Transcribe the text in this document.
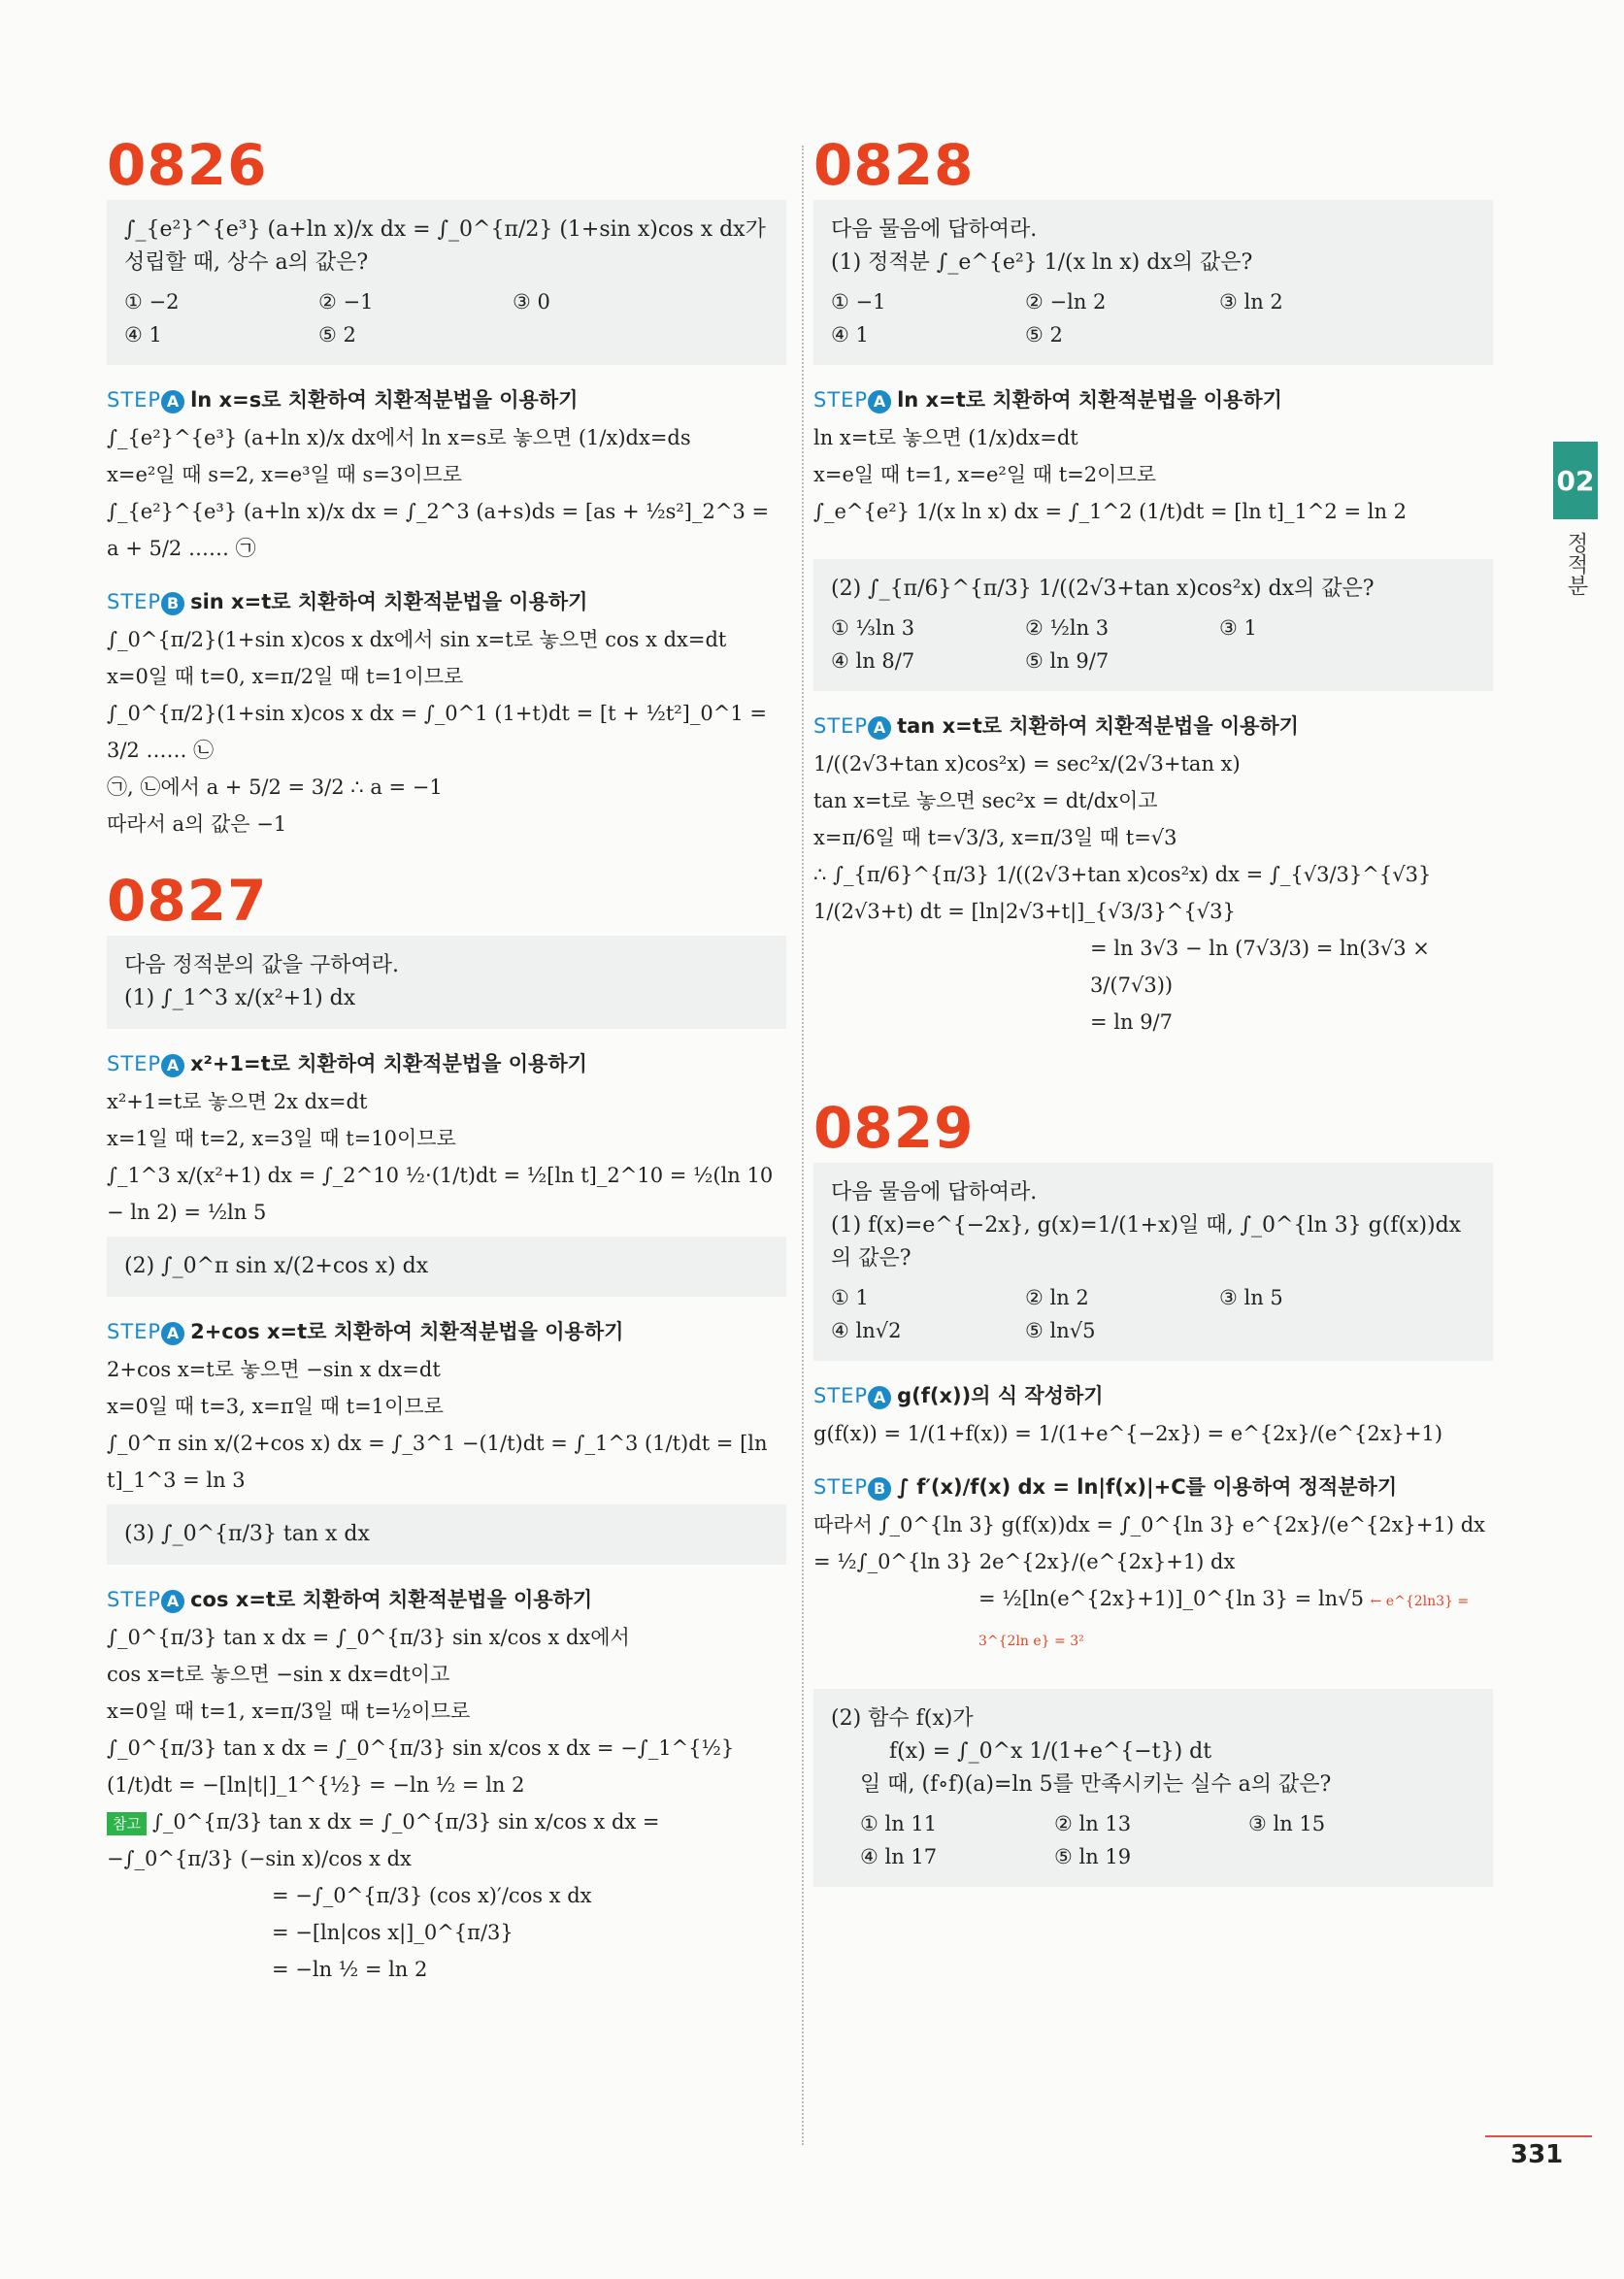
0826

∫_{e²}^{e³} (a+ln x)/x dx = ∫_0^{π/2} (1+sin x)cos x dx가 성립할 때, 상수 a의 값은?

① −2	② −1	③ 0
④ 1	⑤ 2
STEP A ln x=s로 치환하여 치환적분법을 이용하기

∫_{e²}^{e³} (a+ln x)/x dx에서 ln x=s로 놓으면 (1/x)dx=ds

x=e²일 때 s=2, x=e³일 때 s=3이므로

∫_{e²}^{e³} (a+ln x)/x dx = ∫_2^3 (a+s)ds = [as + ½s²]_2^3 = a + 5/2 …… ㉠

STEP B sin x=t로 치환하여 치환적분법을 이용하기

∫_0^{π/2}(1+sin x)cos x dx에서 sin x=t로 놓으면 cos x dx=dt

x=0일 때 t=0, x=π/2일 때 t=1이므로

∫_0^{π/2}(1+sin x)cos x dx = ∫_0^1 (1+t)dt = [t + ½t²]_0^1 = 3/2 …… ㉡

㉠, ㉡에서 a + 5/2 = 3/2 ∴ a = −1

따라서 a의 값은 −1

0827

다음 정적분의 값을 구하여라.

(1) ∫_1^3 x/(x²+1) dx

STEP A x²+1=t로 치환하여 치환적분법을 이용하기

x²+1=t로 놓으면 2x dx=dt

x=1일 때 t=2, x=3일 때 t=10이므로

∫_1^3 x/(x²+1) dx = ∫_2^10 ½·(1/t)dt = ½[ln t]_2^10 = ½(ln 10 − ln 2) = ½ln 5

(2) ∫_0^π sin x/(2+cos x) dx

STEP A 2+cos x=t로 치환하여 치환적분법을 이용하기

2+cos x=t로 놓으면 −sin x dx=dt

x=0일 때 t=3, x=π일 때 t=1이므로

∫_0^π sin x/(2+cos x) dx = ∫_3^1 −(1/t)dt = ∫_1^3 (1/t)dt = [ln t]_1^3 = ln 3

(3) ∫_0^{π/3} tan x dx

STEP A cos x=t로 치환하여 치환적분법을 이용하기

∫_0^{π/3} tan x dx = ∫_0^{π/3} sin x/cos x dx에서

cos x=t로 놓으면 −sin x dx=dt이고

x=0일 때 t=1, x=π/3일 때 t=½이므로

∫_0^{π/3} tan x dx = ∫_0^{π/3} sin x/cos x dx = −∫_1^{½}(1/t)dt = −[ln|t|]_1^{½} = −ln ½ = ln 2

참고 ∫_0^{π/3} tan x dx = ∫_0^{π/3} sin x/cos x dx = −∫_0^{π/3} (−sin x)/cos x dx

= −∫_0^{π/3} (cos x)′/cos x dx

= −[ln|cos x|]_0^{π/3}

= −ln ½ = ln 2

0828

다음 물음에 답하여라.

(1) 정적분 ∫_e^{e²} 1/(x ln x) dx의 값은?

① −1	② −ln 2	③ ln 2
④ 1	⑤ 2
STEP A ln x=t로 치환하여 치환적분법을 이용하기

ln x=t로 놓으면 (1/x)dx=dt

x=e일 때 t=1, x=e²일 때 t=2이므로

∫_e^{e²} 1/(x ln x) dx = ∫_1^2 (1/t)dt = [ln t]_1^2 = ln 2

(2) ∫_{π/6}^{π/3} 1/((2√3+tan x)cos²x) dx의 값은?

① ⅓ln 3	② ½ln 3	③ 1
④ ln 8/7	⑤ ln 9/7
STEP A tan x=t로 치환하여 치환적분법을 이용하기

1/((2√3+tan x)cos²x) = sec²x/(2√3+tan x)

tan x=t로 놓으면 sec²x = dt/dx이고

x=π/6일 때 t=√3/3, x=π/3일 때 t=√3

∴ ∫_{π/6}^{π/3} 1/((2√3+tan x)cos²x) dx = ∫_{√3/3}^{√3} 1/(2√3+t) dt = [ln|2√3+t|]_{√3/3}^{√3}

= ln 3√3 − ln (7√3/3) = ln(3√3 × 3/(7√3))

= ln 9/7

0829

다음 물음에 답하여라.

(1) f(x)=e^{−2x}, g(x)=1/(1+x)일 때, ∫_0^{ln 3} g(f(x))dx의 값은?

① 1	② ln 2	③ ln 5
④ ln√2	⑤ ln√5
STEP A g(f(x))의 식 작성하기

g(f(x)) = 1/(1+f(x)) = 1/(1+e^{−2x}) = e^{2x}/(e^{2x}+1)

STEP B ∫ f′(x)/f(x) dx = ln|f(x)|+C를 이용하여 정적분하기

따라서 ∫_0^{ln 3} g(f(x))dx = ∫_0^{ln 3} e^{2x}/(e^{2x}+1) dx = ½∫_0^{ln 3} 2e^{2x}/(e^{2x}+1) dx

= ½[ln(e^{2x}+1)]_0^{ln 3} = ln√5 ← e^{2ln3} = 3^{2ln e} = 3²

(2) 함수 f(x)가

f(x) = ∫_0^x 1/(1+e^{−t}) dt

일 때, (f∘f)(a)=ln 5를 만족시키는 실수 a의 값은?

① ln 11	② ln 13	③ ln 15
④ ln 17	⑤ ln 19
02
정적분
331
